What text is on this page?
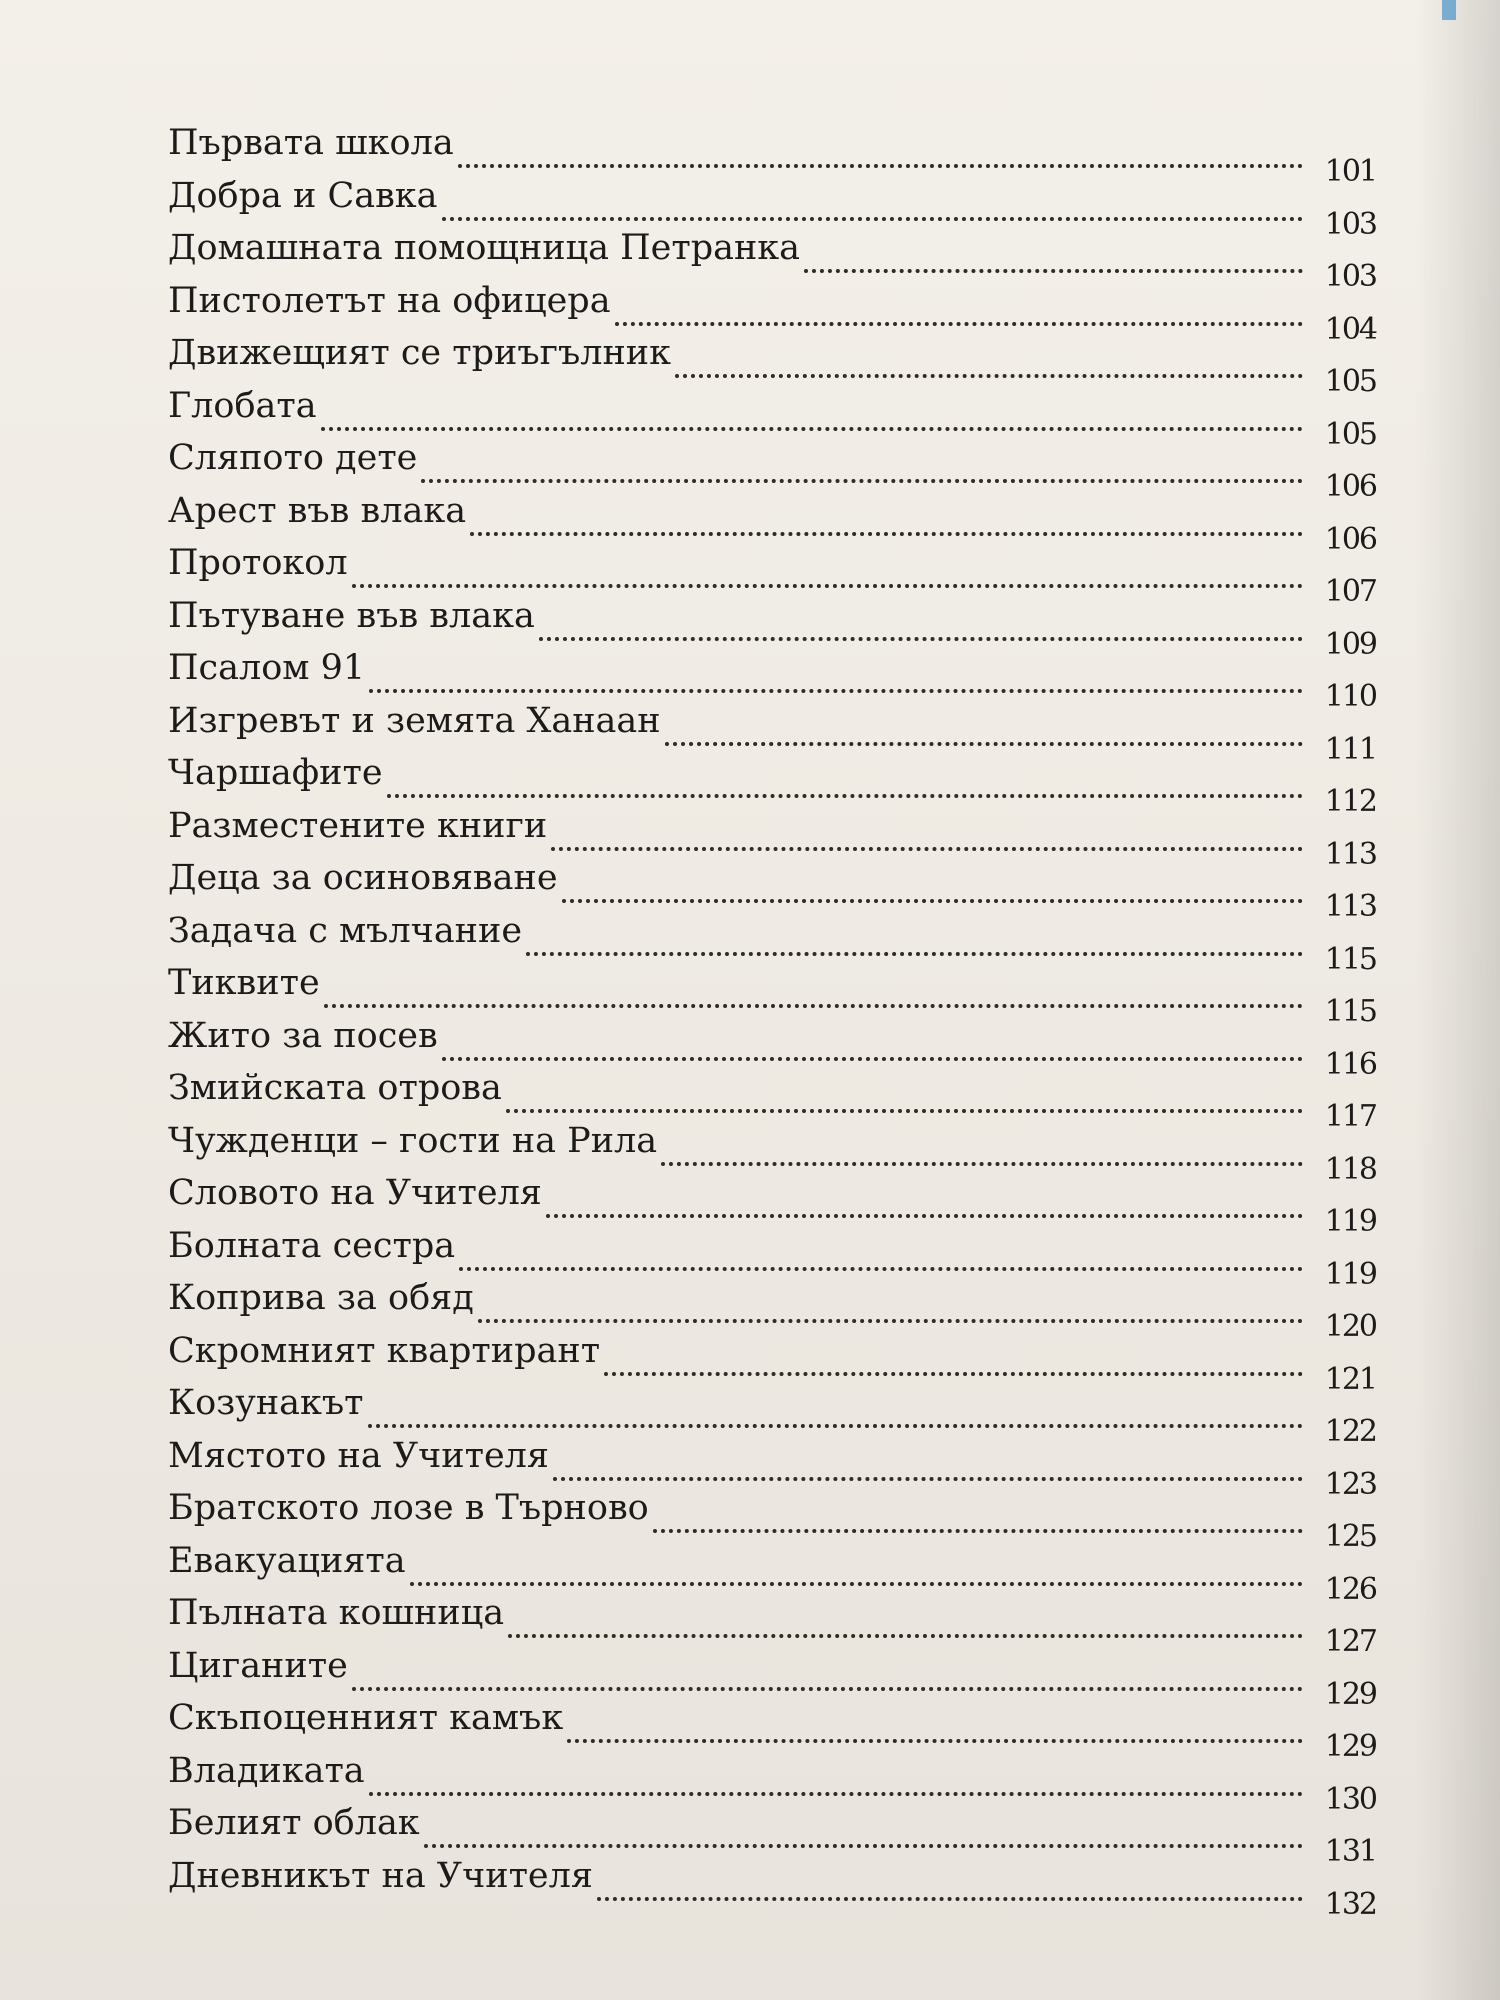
Първата школа
101
Добра и Савка
103
Домашната помощница Петранка
103
Пистолетът на офицера
104
Движещият се триъгълник
105
Глобата
105
Сляпото дете
106
Арест във влака
106
Протокол
107
Пътуване във влака
109
Псалом 91
110
Изгревът и земята Ханаан
111
Чаршафите
112
Разместените книги
113
Деца за осиновяване
113
Задача с мълчание
115
Тиквите
115
Жито за посев
116
Змийската отрова
117
Чужденци – гости на Рила
118
Словото на Учителя
119
Болната сестра
119
Коприва за обяд
120
Скромният квартирант
121
Козунакът
122
Мястото на Учителя
123
Братското лозе в Търново
125
Евакуацията
126
Пълната кошница
127
Циганите
129
Скъпоценният камък
129
Владиката
130
Белият облак
131
Дневникът на Учителя
132
